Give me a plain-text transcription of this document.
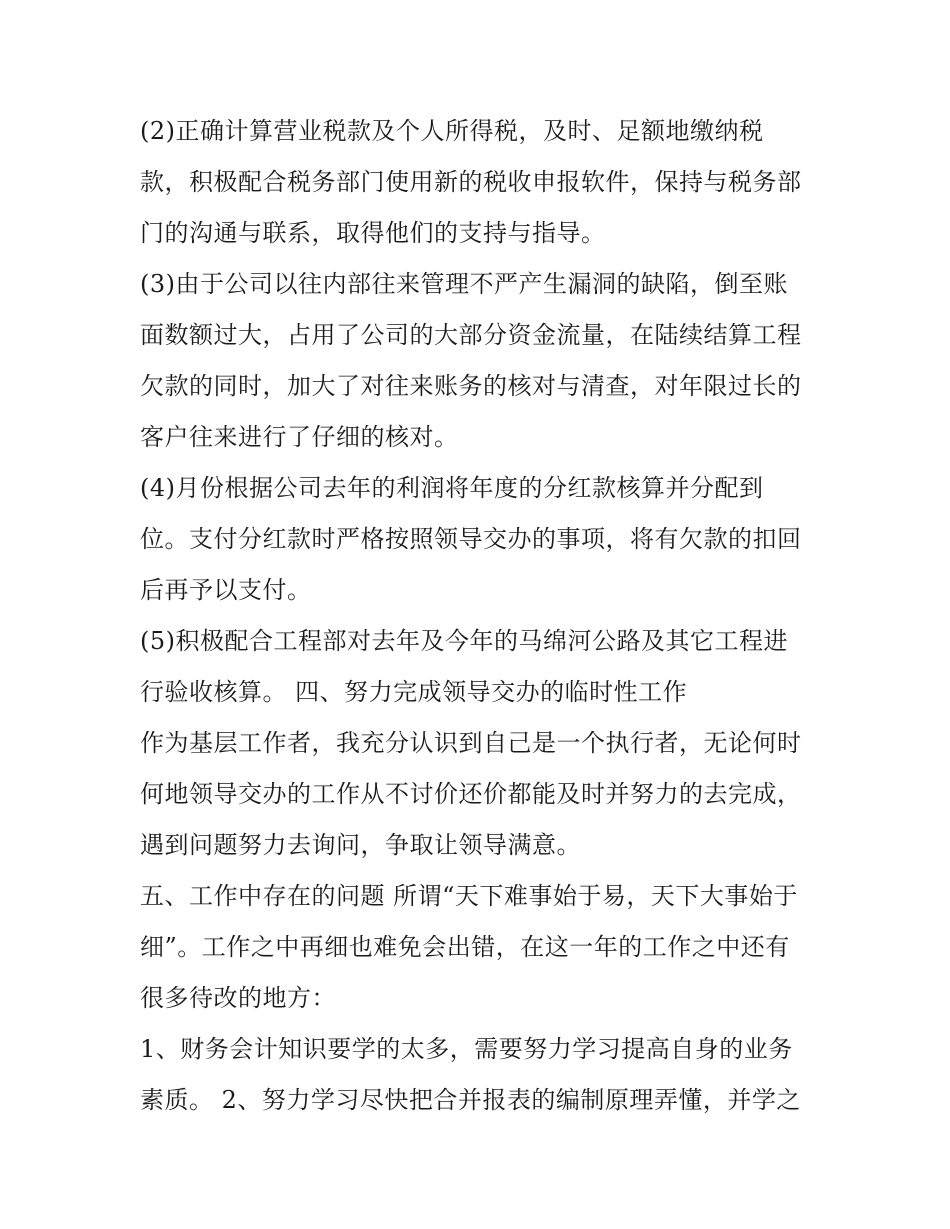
(2)正确计算营业税款及个人所得税，及时、足额地缴纳税
款，积极配合税务部门使用新的税收申报软件，保持与税务部
门的沟通与联系，取得他们的支持与指导。
(3)由于公司以往内部往来管理不严产生漏洞的缺陷，倒至账
面数额过大，占用了公司的大部分资金流量，在陆续结算工程
欠款的同时，加大了对往来账务的核对与清查，对年限过长的
客户往来进行了仔细的核对。
(4)月份根据公司去年的利润将年度的分红款核算并分配到
位。支付分红款时严格按照领导交办的事项，将有欠款的扣回
后再予以支付。
(5)积极配合工程部对去年及今年的马绵河公路及其它工程进
行验收核算。 四、努力完成领导交办的临时性工作
作为基层工作者，我充分认识到自己是一个执行者，无论何时
何地领导交办的工作从不讨价还价都能及时并努力的去完成，
遇到问题努力去询问，争取让领导满意。
五、工作中存在的问题 所谓“天下难事始于易，天下大事始于
细”。工作之中再细也难免会出错，在这一年的工作之中还有
很多待改的地方：
1、财务会计知识要学的太多，需要努力学习提高自身的业务
素质。 2、努力学习尽快把合并报表的编制原理弄懂，并学之
